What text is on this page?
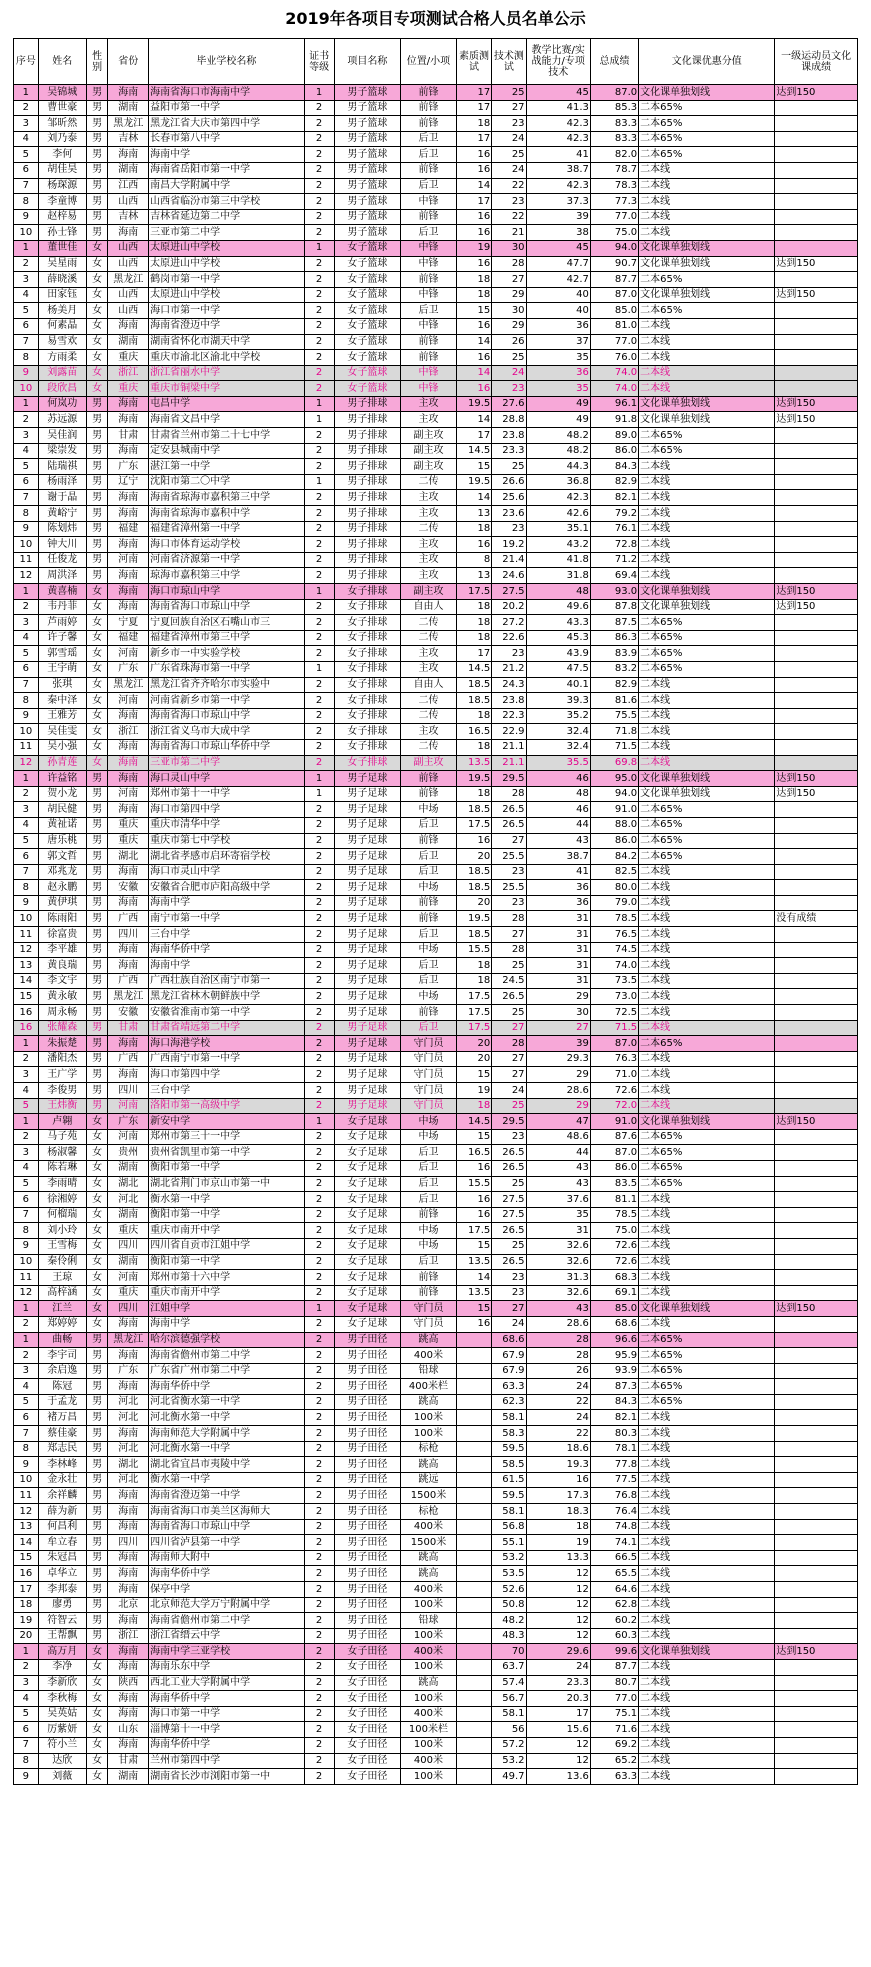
2019年各项目专项测试合格人员名单公示
序号	姓名	性别	省份	毕业学校名称	证书等级	项目名称	位置/小项	素质测试	技术测试	教学比赛/实战能力/专项技术	总成绩	文化课优惠分值	一级运动员文化课成绩
1	吴锦城	男	海南	海南省海口市海南中学	1	男子篮球	前锋	17	25	45	87.0	文化课单独划线	达到150
2	曹世豪	男	湖南	益阳市第一中学	2	男子篮球	前锋	17	27	41.3	85.3	二本65%	
3	邹昕然	男	黑龙江	黑龙江省大庆市第四中学	2	男子篮球	前锋	18	23	42.3	83.3	二本65%	
4	刘乃泰	男	吉林	长春市第八中学	2	男子篮球	后卫	17	24	42.3	83.3	二本65%	
5	李何	男	海南	海南中学	2	男子篮球	后卫	16	25	41	82.0	二本65%	
6	胡佳昊	男	湖南	海南省岳阳市第一中学	2	男子篮球	前锋	16	24	38.7	78.7	二本线	
7	杨琛源	男	江西	南昌大学附属中学	2	男子篮球	后卫	14	22	42.3	78.3	二本线	
8	李童博	男	山西	山西省临汾市第三中学校	2	男子篮球	中锋	17	23	37.3	77.3	二本线	
9	赵梓易	男	吉林	吉林省延边第二中学	2	男子篮球	前锋	16	22	39	77.0	二本线	
10	孙士锋	男	海南	三亚市第二中学	2	男子篮球	后卫	16	21	38	75.0	二本线	
1	董世佳	女	山西	太原进山中学校	1	女子篮球	中锋	19	30	45	94.0	文化课单独划线	
2	吴星雨	女	山西	太原进山中学校	2	女子篮球	中锋	16	28	47.7	90.7	文化课单独划线	达到150
3	薛晓溪	女	黑龙江	鹤岗市第一中学	2	女子篮球	前锋	18	27	42.7	87.7	二本65%	
4	田家钰	女	山西	太原进山中学校	2	女子篮球	中锋	18	29	40	87.0	文化课单独划线	达到150
5	杨美月	女	山西	海口市第一中学	2	女子篮球	后卫	15	30	40	85.0	二本65%	
6	何素晶	女	海南	海南省澄迈中学	2	女子篮球	中锋	16	29	36	81.0	二本线	
7	易雪欢	女	湖南	湖南省怀化市湖天中学	2	女子篮球	前锋	14	26	37	77.0	二本线	
8	方雨柔	女	重庆	重庆市渝北区渝北中学校	2	女子篮球	前锋	16	25	35	76.0	二本线	
9	刘露苗	女	浙江	浙江省丽水中学	2	女子篮球	中锋	14	24	36	74.0	二本线	
10	段欣昌	女	重庆	重庆市铜梁中学	2	女子篮球	中锋	16	23	35	74.0	二本线	
1	何岚功	男	海南	屯昌中学	1	男子排球	主攻	19.5	27.6	49	96.1	文化课单独划线	达到150
2	苏远源	男	海南	海南省文昌中学	1	男子排球	主攻	14	28.8	49	91.8	文化课单独划线	达到150
3	吴佳润	男	甘肃	甘肃省兰州市第二十七中学	2	男子排球	副主攻	17	23.8	48.2	89.0	二本65%	
4	梁崇发	男	海南	定安县城南中学	2	男子排球	副主攻	14.5	23.3	48.2	86.0	二本65%	
5	陆瑞祺	男	广东	湛江第一中学	2	男子排球	副主攻	15	25	44.3	84.3	二本线	
6	杨雨泽	男	辽宁	沈阳市第二〇中学	1	男子排球	二传	19.5	26.6	36.8	82.9	二本线	
7	谢于晶	男	海南	海南省琼海市嘉积第三中学	2	男子排球	主攻	14	25.6	42.3	82.1	二本线	
8	黄峪宁	男	海南	海南省琼海市嘉积中学	2	男子排球	主攻	13	23.6	42.6	79.2	二本线	
9	陈划炜	男	福建	福建省漳州第一中学	2	男子排球	二传	18	23	35.1	76.1	二本线	
10	钟大川	男	海南	海口市体育运动学校	2	男子排球	主攻	16	19.2	43.2	72.8	二本线	
11	任俊龙	男	河南	河南省济源第一中学	2	男子排球	主攻	8	21.4	41.8	71.2	二本线	
12	周洪泽	男	海南	琼海市嘉积第三中学	2	男子排球	主攻	13	24.6	31.8	69.4	二本线	
1	黄喜楠	女	海南	海口市琼山中学	1	女子排球	副主攻	17.5	27.5	48	93.0	文化课单独划线	达到150
2	韦丹菲	女	海南	海南省海口市琼山中学	2	女子排球	自由人	18	20.2	49.6	87.8	文化课单独划线	达到150
3	芦雨婷	女	宁夏	宁夏回族自治区石嘴山市三	2	女子排球	二传	18	27.2	43.3	87.5	二本65%	
4	许子馨	女	福建	福建省漳州市第三中学	2	女子排球	二传	18	22.6	45.3	86.3	二本65%	
5	郭雪瑶	女	河南	新乡市一中实验学校	2	女子排球	主攻	17	23	43.9	83.9	二本65%	
6	王宇萌	女	广东	广东省珠海市第一中学	1	女子排球	主攻	14.5	21.2	47.5	83.2	二本65%	
7	张琪	女	黑龙江	黑龙江省齐齐哈尔市实验中	2	女子排球	自由人	18.5	24.3	40.1	82.9	二本线	
8	秦中泽	女	河南	河南省新乡市第一中学	2	女子排球	二传	18.5	23.8	39.3	81.6	二本线	
9	王雅芳	女	海南	海南省海口市琼山中学	2	女子排球	二传	18	22.3	35.2	75.5	二本线	
10	吴佳雯	女	浙江	浙江省义乌市大成中学	2	女子排球	主攻	16.5	22.9	32.4	71.8	二本线	
11	吴小强	女	海南	海南省海口市琼山华侨中学	2	女子排球	二传	18	21.1	32.4	71.5	二本线	
12	孙青莲	女	海南	三亚市第二中学	2	女子排球	副主攻	13.5	21.1	35.5	69.8	二本线	
1	许益铭	男	海南	海口灵山中学	1	男子足球	前锋	19.5	29.5	46	95.0	文化课单独划线	达到150
2	贺小龙	男	河南	郑州市第十一中学	1	男子足球	前锋	18	28	48	94.0	文化课单独划线	达到150
3	胡民健	男	海南	海口市第四中学	2	男子足球	中场	18.5	26.5	46	91.0	二本65%	
4	黄祉诺	男	重庆	重庆市清华中学	2	男子足球	后卫	17.5	26.5	44	88.0	二本65%	
5	唐乐桃	男	重庆	重庆市第七中学校	2	男子足球	前锋	16	27	43	86.0	二本65%	
6	郭文哲	男	湖北	湖北省孝感市启环寄宿学校	2	男子足球	后卫	20	25.5	38.7	84.2	二本65%	
7	邓兆龙	男	海南	海口市灵山中学	2	男子足球	后卫	18.5	23	41	82.5	二本线	
8	赵永鹏	男	安徽	安徽省合肥市庐阳高级中学	2	男子足球	中场	18.5	25.5	36	80.0	二本线	
9	黄伊琪	男	海南	海南中学	2	男子足球	前锋	20	23	36	79.0	二本线	
10	陈雨阳	男	广西	南宁市第一中学	2	男子足球	前锋	19.5	28	31	78.5	二本线	没有成绩
11	徐富贵	男	四川	三台中学	2	男子足球	后卫	18.5	27	31	76.5	二本线	
12	李平雄	男	海南	海南华侨中学	2	男子足球	中场	15.5	28	31	74.5	二本线	
13	黄良瑞	男	海南	海南中学	2	男子足球	后卫	18	25	31	74.0	二本线	
14	李文宇	男	广西	广西壮族自治区南宁市第一	2	男子足球	后卫	18	24.5	31	73.5	二本线	
15	黄永敏	男	黑龙江	黑龙江省林木朝鲜族中学	2	男子足球	中场	17.5	26.5	29	73.0	二本线	
16	周永畅	男	安徽	安徽省淮南市第一中学	2	男子足球	前锋	17.5	25	30	72.5	二本线	
16	张耀森	男	甘肃	甘肃省靖远第二中学	2	男子足球	后卫	17.5	27	27	71.5	二本线	
1	朱振楚	男	海南	海口海港学校	2	男子足球	守门员	20	28	39	87.0	二本65%	
2	潘阳杰	男	广西	广西南宁市第一中学	2	男子足球	守门员	20	27	29.3	76.3	二本线	
3	王广学	男	海南	海口市第四中学	2	男子足球	守门员	15	27	29	71.0	二本线	
4	李俊男	男	四川	三台中学	2	男子足球	守门员	19	24	28.6	72.6	二本线	
5	王炜衡	男	河南	洛阳市第一高级中学	2	男子足球	守门员	18	25	29	72.0	二本线	
1	卢翱	女	广东	新安中学	1	女子足球	中场	14.5	29.5	47	91.0	文化课单独划线	达到150
2	马子苑	女	河南	郑州市第三十一中学	2	女子足球	中场	15	23	48.6	87.6	二本65%	
3	杨淑馨	女	贵州	贵州省凯里市第一中学	2	女子足球	后卫	16.5	26.5	44	87.0	二本65%	
4	陈若琳	女	湖南	衡阳市第一中学	2	女子足球	后卫	16	26.5	43	86.0	二本65%	
5	李雨晴	女	湖北	湖北省荆门市京山市第一中	2	女子足球	后卫	15.5	25	43	83.5	二本65%	
6	徐湘婷	女	河北	衡水第一中学	2	女子足球	后卫	16	27.5	37.6	81.1	二本线	
7	何榴瑞	女	湖南	衡阳市第一中学	2	女子足球	前锋	16	27.5	35	78.5	二本线	
8	刘小玲	女	重庆	重庆市南开中学	2	女子足球	中场	17.5	26.5	31	75.0	二本线	
9	王雪梅	女	四川	四川省自贡市江姐中学	2	女子足球	中场	15	25	32.6	72.6	二本线	
10	秦伶俐	女	湖南	衡阳市第一中学	2	女子足球	后卫	13.5	26.5	32.6	72.6	二本线	
11	王琼	女	河南	郑州市第十六中学	2	女子足球	前锋	14	23	31.3	68.3	二本线	
12	高梓涵	女	重庆	重庆市南开中学	2	女子足球	前锋	13.5	23	32.6	69.1	二本线	
1	江兰	女	四川	江姐中学	1	女子足球	守门员	15	27	43	85.0	文化课单独划线	达到150
2	郑婷婷	女	海南	海南中学	2	女子足球	守门员	16	24	28.6	68.6	二本线	
1	曲畅	男	黑龙江	哈尔滨德强学校	2	男子田径	跳高		68.6	28	96.6	二本65%	
2	李宇司	男	海南	海南省儋州市第二中学	2	男子田径	400米		67.9	28	95.9	二本65%	
3	余启逸	男	广东	广东省广州市第二中学	2	男子田径	铅球		67.9	26	93.9	二本65%	
4	陈冠	男	海南	海南华侨中学	2	男子田径	400米栏		63.3	24	87.3	二本65%	
5	于孟龙	男	河北	河北省衡水第一中学	2	男子田径	跳高		62.3	22	84.3	二本65%	
6	褚万昌	男	河北	河北衡水第一中学	2	男子田径	100米		58.1	24	82.1	二本线	
7	蔡佳豪	男	海南	海南师范大学附属中学	2	男子田径	100米		58.3	22	80.3	二本线	
8	郑志民	男	河北	河北衡水第一中学	2	男子田径	标枪		59.5	18.6	78.1	二本线	
9	李林峰	男	湖北	湖北省宜昌市夷陵中学	2	男子田径	跳高		58.5	19.3	77.8	二本线	
10	金永壮	男	河北	衡水第一中学	2	男子田径	跳远		61.5	16	77.5	二本线	
11	余祥麟	男	海南	海南省澄迈第一中学	2	男子田径	1500米		59.5	17.3	76.8	二本线	
12	薛为新	男	海南	海南省海口市美兰区海师大	2	男子田径	标枪		58.1	18.3	76.4	二本线	
13	何昌利	男	海南	海南省海口市琼山中学	2	男子田径	400米		56.8	18	74.8	二本线	
14	牟立春	男	四川	四川省泸县第一中学	2	男子田径	1500米		55.1	19	74.1	二本线	
15	朱冠昌	男	海南	海南师大附中	2	男子田径	跳高		53.2	13.3	66.5	二本线	
16	卓华立	男	海南	海南华侨中学	2	男子田径	跳高		53.5	12	65.5	二本线	
17	李邦泰	男	海南	保亭中学	2	男子田径	400米		52.6	12	64.6	二本线	
18	廖勇	男	北京	北京师范大学万宁附属中学	2	男子田径	100米		50.8	12	62.8	二本线	
19	符智云	男	海南	海南省儋州市第二中学	2	男子田径	铅球		48.2	12	60.2	二本线	
20	王帮飘	男	浙江	浙江省缙云中学	2	男子田径	100米		48.3	12	60.3	二本线	
1	高万月	女	海南	海南中学三亚学校	2	女子田径	400米		70	29.6	99.6	文化课单独划线	达到150
2	李净	女	海南	海南乐东中学	2	女子田径	100米		63.7	24	87.7	二本线	
3	李新欣	女	陕西	西北工业大学附属中学	2	女子田径	跳高		57.4	23.3	80.7	二本线	
4	李秋梅	女	海南	海南华侨中学	2	女子田径	100米		56.7	20.3	77.0	二本线	
5	吴英姑	女	海南	海口市第一中学	2	女子田径	400米		58.1	17	75.1	二本线	
6	厉紫妍	女	山东	淄博第十一中学	2	女子田径	100米栏		56	15.6	71.6	二本线	
7	符小兰	女	海南	海南华侨中学	2	女子田径	100米		57.2	12	69.2	二本线	
8	达欣	女	甘肃	兰州市第四中学	2	女子田径	400米		53.2	12	65.2	二本线	
9	刘薇	女	湖南	湖南省长沙市浏阳市第一中	2	女子田径	100米		49.7	13.6	63.3	二本线	
